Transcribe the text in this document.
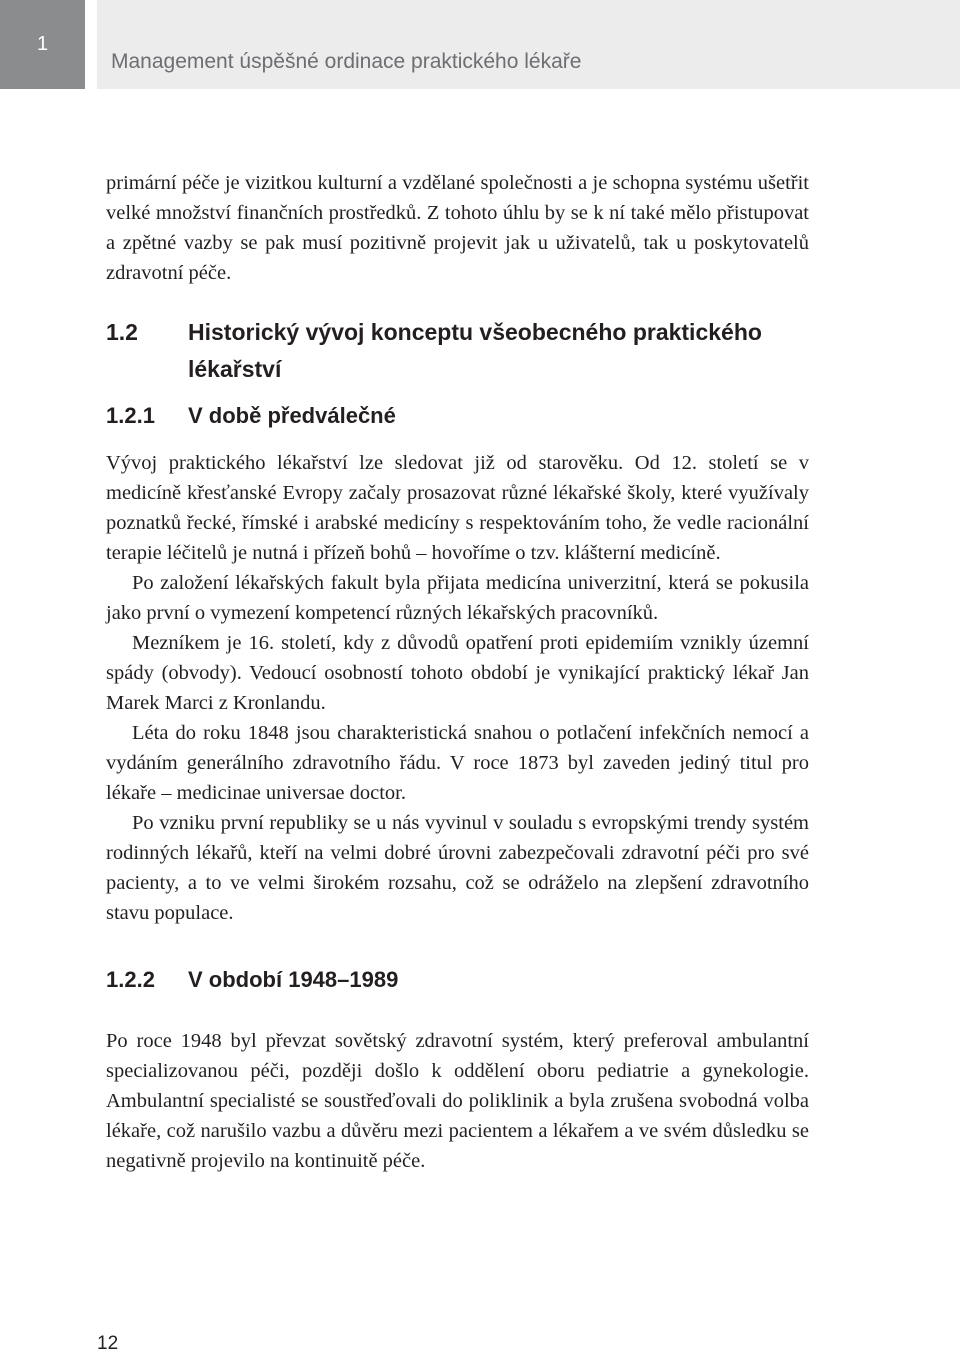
1
Management úspěšné ordinace praktického lékaře

primární péče je vizitkou kulturní a vzdělané společnosti a je schopna systému ušetřit velké množství finančních prostředků. Z tohoto úhlu by se k ní také mělo přistupovat a zpětné vazby se pak musí pozitivně projevit jak u uživatelů, tak u poskytovatelů zdravotní péče.

1.2 Historický vývoj konceptu všeobecného praktického lékařství
1.2.1 V době předválečné

Vývoj praktického lékařství lze sledovat již od starověku. Od 12. století se v medicíně křesťanské Evropy začaly prosazovat různé lékařské školy, které využívaly poznatků řecké, římské i arabské medicíny s respektováním toho, že vedle racionální terapie léčitelů je nutná i přízeň bohů – hovoříme o tzv. klášterní medicíně.

Po založení lékařských fakult byla přijata medicína univerzitní, která se pokusila jako první o vymezení kompetencí různých lékařských pracovníků.

Mezníkem je 16. století, kdy z důvodů opatření proti epidemiím vznikly územní spády (obvody). Vedoucí osobností tohoto období je vynikající praktický lékař Jan Marek Marci z Kronlandu.

Léta do roku 1848 jsou charakteristická snahou o potlačení infekčních nemocí a vydáním generálního zdravotního řádu. V roce 1873 byl zaveden jediný titul pro lékaře – medicinae universae doctor.

Po vzniku první republiky se u nás vyvinul v souladu s evropskými trendy systém rodinných lékařů, kteří na velmi dobré úrovni zabezpečovali zdravotní péči pro své pacienty, a to ve velmi širokém rozsahu, což se odráželo na zlepšení zdravotního stavu populace.

1.2.2 V období 1948–1989

Po roce 1948 byl převzat sovětský zdravotní systém, který preferoval ambulantní specializovanou péči, později došlo k oddělení oboru pediatrie a gynekologie. Ambulantní specialisté se soustřeďovali do poliklinik a byla zrušena svobodná volba lékaře, což narušilo vazbu a důvěru mezi pacientem a lékařem a ve svém důsledku se negativně projevilo na kontinuitě péče.

12
